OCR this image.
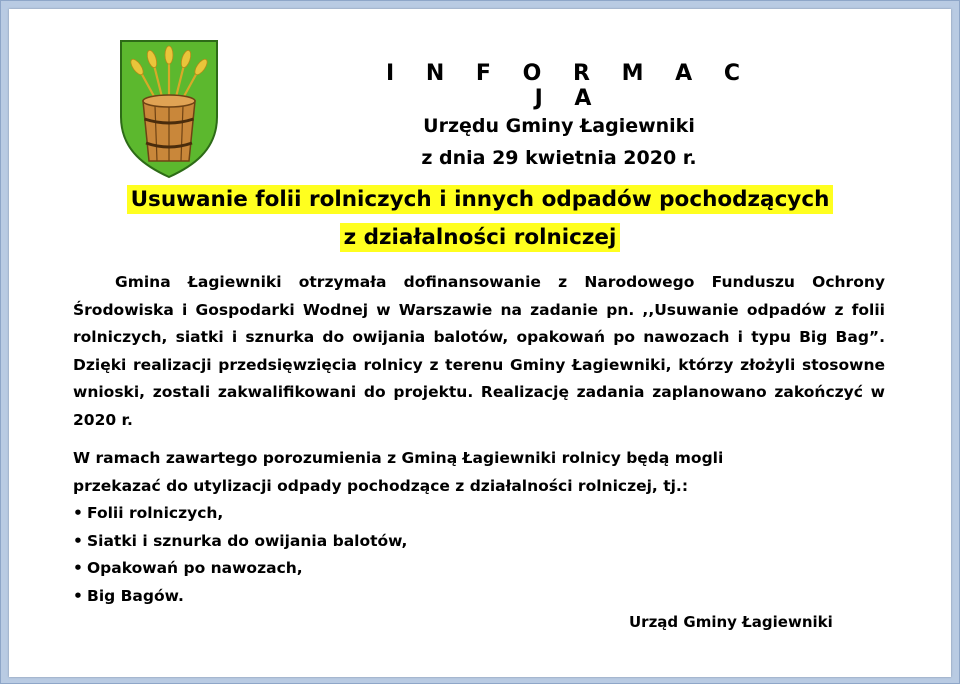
I N F O R M A C J A
Urzędu Gminy Łagiewniki
z dnia 29 kwietnia 2020 r.
Usuwanie folii rolniczych i innych odpadów pochodzących
z działalności rolniczej
Gmina Łagiewniki otrzymała dofinansowanie z Narodowego Funduszu Ochrony Środowiska i Gospodarki Wodnej w Warszawie na zadanie pn. ,,Usuwanie odpadów z folii rolniczych, siatki i sznurka do owijania balotów, opakowań po nawozach i typu Big Bag”. Dzięki realizacji przedsięwzięcia rolnicy z terenu Gminy Łagiewniki, którzy złożyli stosowne wnioski, zostali zakwalifikowani do projektu. Realizację zadania zaplanowano zakończyć w 2020 r.
W ramach zawartego porozumienia z Gminą Łagiewniki rolnicy będą mogli
przekazać do utylizacji odpady pochodzące z działalności rolniczej, tj.:
• Folii rolniczych,
• Siatki i sznurka do owijania balotów,
• Opakowań po nawozach,
• Big Bagów.
Urząd Gminy Łagiewniki
